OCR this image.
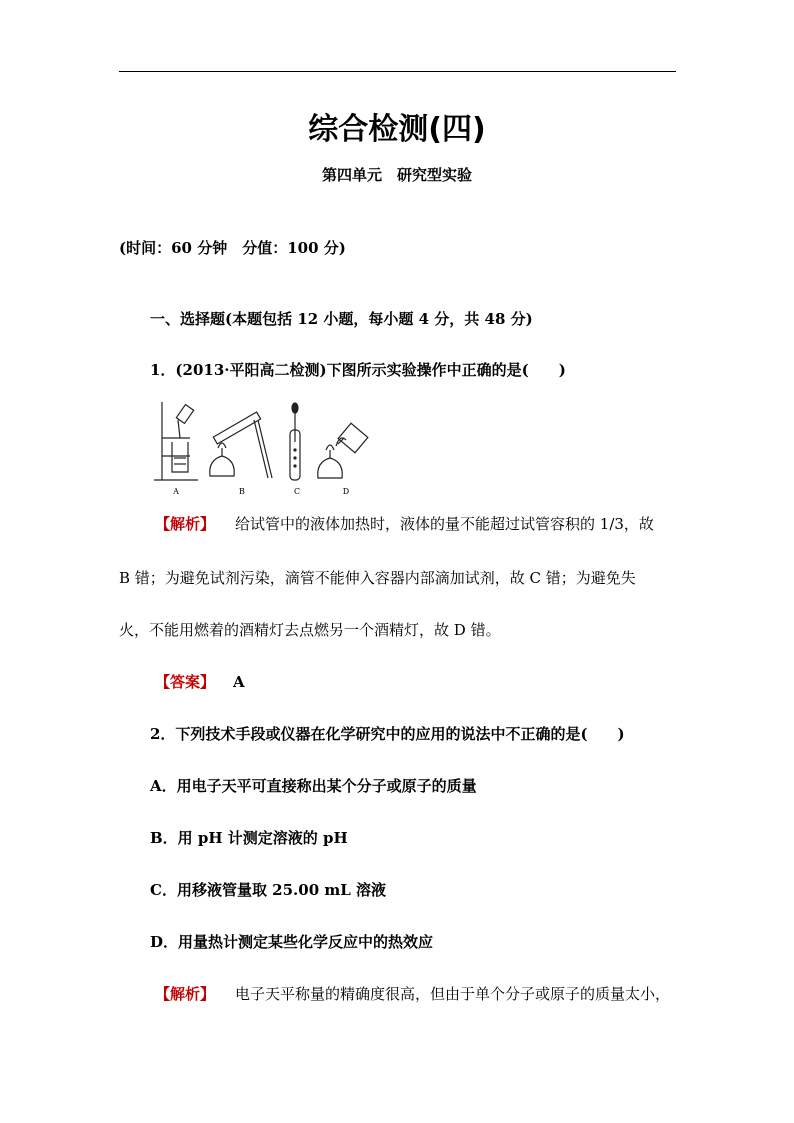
综合检测(四)
第四单元　研究型实验
(时间：60 分钟　分值：100 分)
一、选择题(本题包括 12 小题，每小题 4 分，共 48 分)
1．(2013·平阳高二检测)下图所示实验操作中正确的是(　　)
A	B	C	D
【解析】 给试管中的液体加热时，液体的量不能超过试管容积的 1/3，故
B 错；为避免试剂污染，滴管不能伸入容器内部滴加试剂，故 C 错；为避免失
火，不能用燃着的酒精灯去点燃另一个酒精灯，故 D 错。
【答案】 A
2．下列技术手段或仪器在化学研究中的应用的说法中不正确的是(　　)
A．用电子天平可直接称出某个分子或原子的质量
B．用 pH 计测定溶液的 pH
C．用移液管量取 25.00 mL 溶液
D．用量热计测定某些化学反应中的热效应
【解析】 电子天平称量的精确度很高，但由于单个分子或原子的质量太小，
